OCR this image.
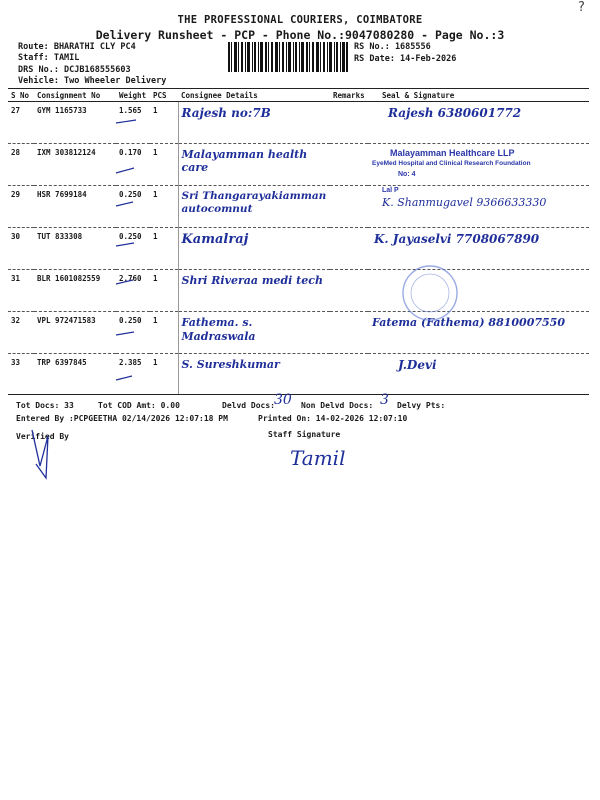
?
THE PROFESSIONAL COURIERS, COIMBATORE
Delivery Runsheet - PCP - Phone No.:9047080280 - Page No.:3
Route: BHARATHI CLY PC4
Staff: TAMIL
DRS No.: DCJB168555603
Vehicle: Two Wheeler Delivery
RS No.: 1685556
RS Date: 14-Feb-2026
S No	Consignment No	Weight	PCS	Consignee Details	Remarks	Seal & Signature
27	GYM 1165733	1.565	1	Rajesh no:7B		Rajesh 6380601772
28	IXM 303812124	0.170	1	Malayamman health care		Malayamman Healthcare LLP
EyeMed Hospital and Clinical Research Foundation
No: 4

29	HSR 7699184	0.250	1	Sri Thangarayakiamman autocomnut		Lal P
K. Shanmugavel 9366633330

30	TUT 833308	0.250	1	Kamalraj		K. Jayaselvi 7708067890
31	BLR 1601082559	2.760	1	Shri Riveraa medi tech		

32	VPL 972471583	0.250	1	Fathema. s. Madraswala		Fatema (Fathema) 8810007550
33	TRP 6397845	2.385	1	S. Sureshkumar		J.Devi
Tot Docs: 33	Tot COD Amt: 0.00	Delvd Docs: 30 Non Delvd Docs: 3 Delvy Pts:
Entered By :PCPGEETHA 02/14/2026 12:07:18 PM	Printed On: 14-02-2026 12:07:10
Verified By	Staff Signature
Tamil
